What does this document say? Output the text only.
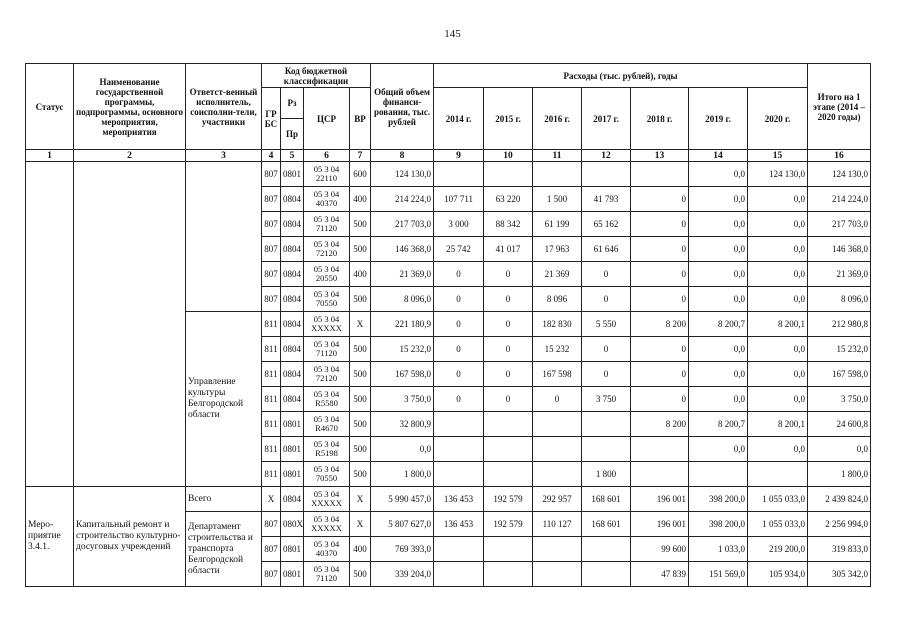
145
Статус	Наименование государственной программы, подпрограммы, основного мероприятия, мероприятия	Ответст-венный исполнитель, соисполни-тели, участники	Код бюджетной классификации				Общий объем финанси-рования, тыс. рублей	Расходы (тыс. рублей), годы							Итого на 1 этапе (2014 – 2020 годы)
			ГР БС	Рз	ЦСР	ВР		2014 г.	2015 г.	2016 г.	2017 г.	2018 г.	2019 г.	2020 г.	
				Пр											
1	2	3	4	5	6	7	8	9	10	11	12	13	14	15	16
			807	0801	05 3 04 22110	600	124 130,0						0,0	124 130,0	124 130,0
			807	0804	05 3 04 40370	400	214 224,0	107 711	63 220	1 500	41 793	0	0,0	0,0	214 224,0
			807	0804	05 3 04 71120	500	217 703,0	3 000	88 342	61 199	65 162	0	0,0	0,0	217 703,0
			807	0804	05 3 04 72120	500	146 368,0	25 742	41 017	17 963	61 646	0	0,0	0,0	146 368,0
			807	0804	05 3 04 20550	400	21 369,0	0	0	21 369	0	0	0,0	0,0	21 369,0
			807	0804	05 3 04 70550	500	8 096,0	0	0	8 096	0	0	0,0	0,0	8 096,0
		Управление культуры Белгородской области	811	0804	05 3 04 XXXXX	X	221 180,9	0	0	182 830	5 550	8 200	8 200,7	8 200,1	212 980,8
			811	0804	05 3 04 71120	500	15 232,0	0	0	15 232	0	0	0,0	0,0	15 232,0
			811	0804	05 3 04 72120	500	167 598,0	0	0	167 598	0	0	0,0	0,0	167 598,0
			811	0804	05 3 04 R5580	500	3 750,0	0	0	0	3 750	0	0,0	0,0	3 750,0
			811	0801	05 3 04 R4670	500	32 800,9					8 200	8 200,7	8 200,1	24 600,8
			811	0801	05 3 04 R5198	500	0,0						0,0	0,0	0,0
			811	0801	05 3 04 70550	500	1 800,0				1 800				1 800,0
Меро-приятие 3.4.1.	Капитальный ремонт и строительство культурно-досуговых учреждений	Всего	X	0804	05 3 04 XXXXX	X	5 990 457,0	136 453	192 579	292 957	168 601	196 001	398 200,0	1 055 033,0	2 439 824,0
		Департамент строительства и транспорта Белгородской области	807	080X	05 3 04 XXXXX	X	5 807 627,0	136 453	192 579	110 127	168 601	196 001	398 200,0	1 055 033,0	2 256 994,0
			807	0801	05 3 04 40370	400	769 393,0					99 600	1 033,0	219 200,0	319 833,0
			807	0801	05 3 04 71120	500	339 204,0					47 839	151 569,0	105 934,0	305 342,0
